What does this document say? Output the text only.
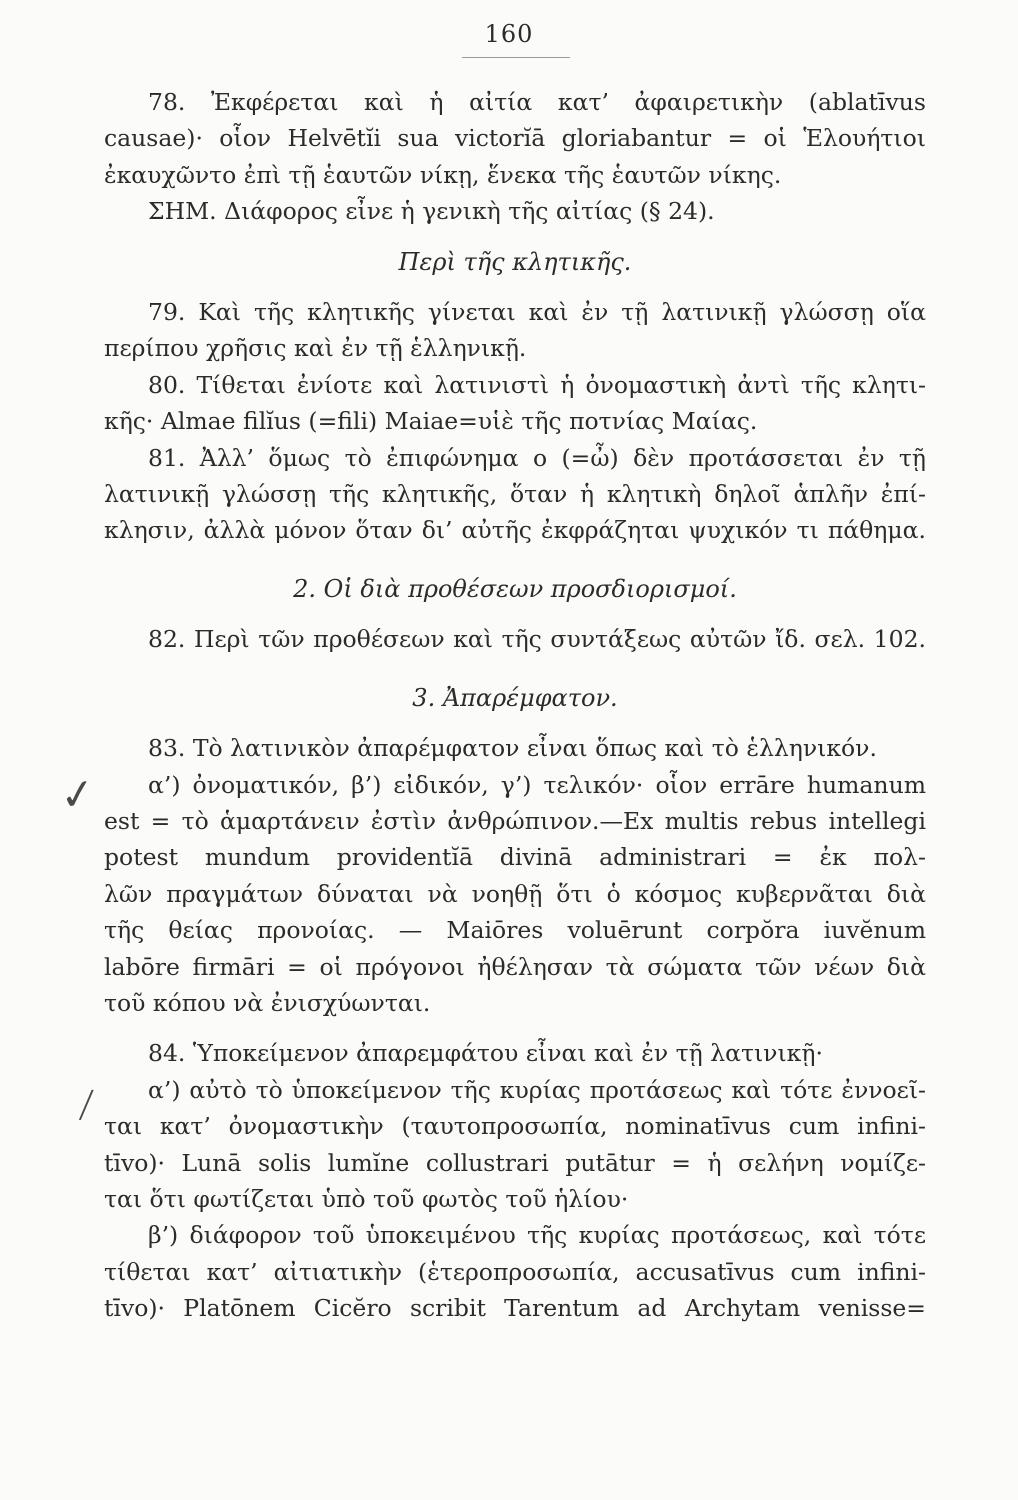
160
✓
/
78. Ἐκφέρεται καὶ ἡ αἰτία κατ’ ἀφαιρετικὴν (ablatīvus
causae)· οἷον Helvētĭi sua victorĭā gloriabantur = οἱ Ἑλουήτιοι
ἐκαυχῶντο ἐπὶ τῇ ἑαυτῶν νίκῃ, ἕνεκα τῆς ἑαυτῶν νίκης.
ΣΗΜ. Διάφορος εἶνε ἡ γενικὴ τῆς αἰτίας (§ 24).
Περὶ τῆς κλητικῆς.
79. Καὶ τῆς κλητικῆς γίνεται καὶ ἐν τῇ λατινικῇ γλώσσῃ οἵα
περίπου χρῆσις καὶ ἐν τῇ ἑλληνικῇ.
80. Τίθεται ἐνίοτε καὶ λατινιστὶ ἡ ὀνομαστικὴ ἀντὶ τῆς κλητι-
κῆς· Almae filĭus (=fili) Maiae=υἱὲ τῆς ποτνίας Μαίας.
81. Ἀλλ’ ὅμως τὸ ἐπιφώνημα o (=ὦ) δὲν προτάσσεται ἐν τῇ
λατινικῇ γλώσσῃ τῆς κλητικῆς, ὅταν ἡ κλητικὴ δηλοῖ ἁπλῆν ἐπί-
κλησιν, ἀλλὰ μόνον ὅταν δι’ αὐτῆς ἐκφράζηται ψυχικόν τι πάθημα.
2. Οἱ διὰ προθέσεων προσδιορισμοί.
82. Περὶ τῶν προθέσεων καὶ τῆς συντάξεως αὐτῶν ἴδ. σελ. 102.
3. Ἀπαρέμφατον.
83. Τὸ λατινικὸν ἀπαρέμφατον εἶναι ὅπως καὶ τὸ ἑλληνικόν.
α’) ὀνοματικόν, β’) εἰδικόν, γ’) τελικόν· οἷον errāre humanum
est = τὸ ἁμαρτάνειν ἐστὶν ἀνθρώπινον.—Ex multis rebus intellegi
potest mundum providentĭā divinā administrari = ἐκ πολ-
λῶν πραγμάτων δύναται νὰ νοηθῇ ὅτι ὁ κόσμος κυβερνᾶται διὰ
τῆς θείας προνοίας. — Maiōres voluērunt corpŏra iuvĕnum
labōre firmāri = οἱ πρόγονοι ἠθέλησαν τὰ σώματα τῶν νέων διὰ
τοῦ κόπου νὰ ἐνισχύωνται.
84. Ὑποκείμενον ἀπαρεμφάτου εἶναι καὶ ἐν τῇ λατινικῇ·
α’) αὐτὸ τὸ ὑποκείμενον τῆς κυρίας προτάσεως καὶ τότε ἐννοεῖ-
ται κατ’ ὀνομαστικὴν (ταυτοπροσωπία, nominatīvus cum infini-
tīvo)· Lunā solis lumĭne collustrari putātur = ἡ σελήνη νομίζε-
ται ὅτι φωτίζεται ὑπὸ τοῦ φωτὸς τοῦ ἡλίου·
β’) διάφορον τοῦ ὑποκειμένου τῆς κυρίας προτάσεως, καὶ τότε
τίθεται κατ’ αἰτιατικὴν (ἑτεροπροσωπία, accusatīvus cum infini-
tīvo)· Platōnem Cicĕro scribit Tarentum ad Archytam venisse=
